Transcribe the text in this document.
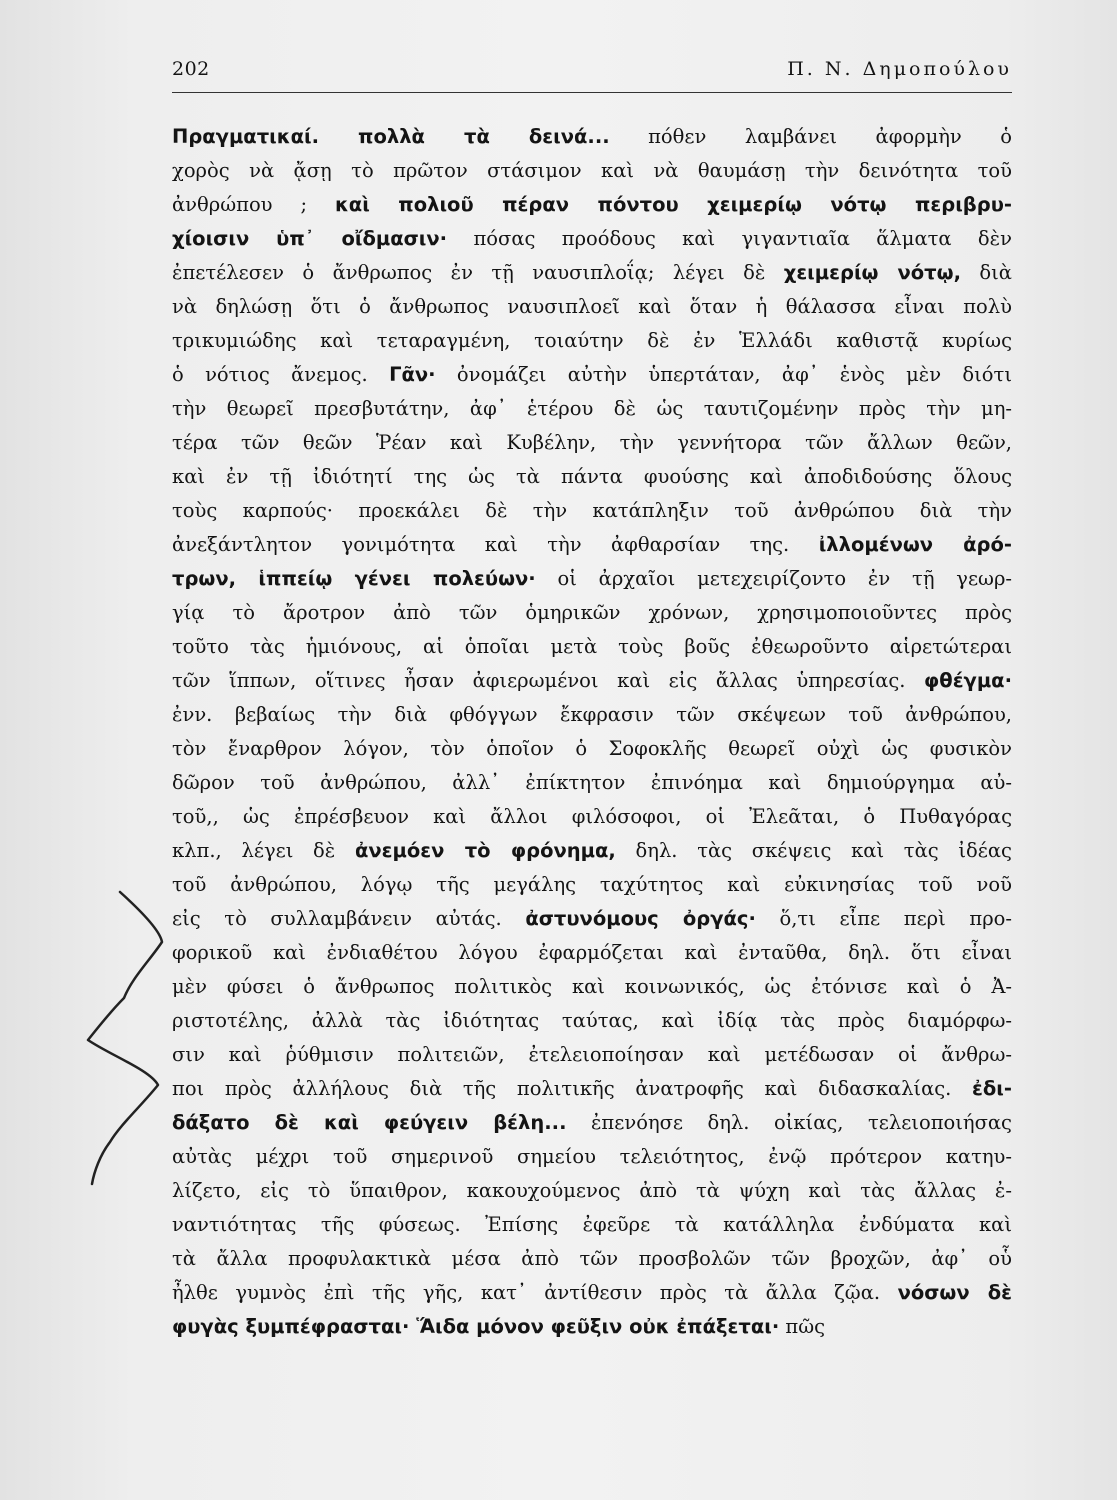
202	Π. Ν. Δημοπούλου
Πραγματικαί. πολλὰ τὰ δεινά... πόθεν λαμβάνει ἀφορμὴν ὁ
χορὸς νὰ ᾄσῃ τὸ πρῶτον στάσιμον καὶ νὰ θαυμάσῃ τὴν δεινότητα τοῦ
ἀνθρώπου ; καὶ πολιοῦ πέραν πόντου χειμερίῳ νότῳ περιβρυ-
χίοισιν ὑπ᾽ οἴδμασιν· πόσας προόδους καὶ γιγαντιαῖα ἅλματα δὲν
ἐπετέλεσεν ὁ ἄνθρωπος ἐν τῇ ναυσιπλοΐᾳ; λέγει δὲ χειμερίῳ νότῳ, διὰ
νὰ δηλώσῃ ὅτι ὁ ἄνθρωπος ναυσιπλοεῖ καὶ ὅταν ἡ θάλασσα εἶναι πολὺ
τρικυμιώδης καὶ τεταραγμένη, τοιαύτην δὲ ἐν Ἑλλάδι καθιστᾷ κυρίως
ὁ νότιος ἄνεμος. Γᾶν· ὀνομάζει αὐτὴν ὑπερτάταν, ἀφ᾽ ἑνὸς μὲν διότι
τὴν θεωρεῖ πρεσβυτάτην, ἀφ᾽ ἑτέρου δὲ ὡς ταυτιζομένην πρὸς τὴν μη-
τέρα τῶν θεῶν Ῥέαν καὶ Κυβέλην, τὴν γεννήτορα τῶν ἄλλων θεῶν,
καὶ ἐν τῇ ἰδιότητί της ὡς τὰ πάντα φυούσης καὶ ἀποδιδούσης ὅλους
τοὺς καρπούς· προεκάλει δὲ τὴν κατάπληξιν τοῦ ἀνθρώπου διὰ τὴν
ἀνεξάντλητον γονιμότητα καὶ τὴν ἀφθαρσίαν της. ἰλλομένων ἀρό-
τρων, ἱππείῳ γένει πολεύων· οἱ ἀρχαῖοι μετεχειρίζοντο ἐν τῇ γεωρ-
γίᾳ τὸ ἄροτρον ἀπὸ τῶν ὁμηρικῶν χρόνων, χρησιμοποιοῦντες πρὸς
τοῦτο τὰς ἡμιόνους, αἱ ὁποῖαι μετὰ τοὺς βοῦς ἐθεωροῦντο αἱρετώτεραι
τῶν ἵππων, οἵτινες ἦσαν ἀφιερωμένοι καὶ εἰς ἄλλας ὑπηρεσίας. φθέγμα·
ἐνν. βεβαίως τὴν διὰ φθόγγων ἔκφρασιν τῶν σκέψεων τοῦ ἀνθρώπου,
τὸν ἔναρθρον λόγον, τὸν ὁποῖον ὁ Σοφοκλῆς θεωρεῖ οὐχὶ ὡς φυσικὸν
δῶρον τοῦ ἀνθρώπου, ἀλλ᾽ ἐπίκτητον ἐπινόημα καὶ δημιούργημα αὐ-
τοῦ,, ὡς ἐπρέσβευον καὶ ἄλλοι φιλόσοφοι, οἱ Ἐλεᾶται, ὁ Πυθαγόρας
κλπ., λέγει δὲ ἀνεμόεν τὸ φρόνημα, δηλ. τὰς σκέψεις καὶ τὰς ἰδέας
τοῦ ἀνθρώπου, λόγῳ τῆς μεγάλης ταχύτητος καὶ εὐκινησίας τοῦ νοῦ
εἰς τὸ συλλαμβάνειν αὐτάς. ἀστυνόμους ὀργάς· ὅ,τι εἶπε περὶ προ-
φορικοῦ καὶ ἐνδιαθέτου λόγου ἐφαρμόζεται καὶ ἐνταῦθα, δηλ. ὅτι εἶναι
μὲν φύσει ὁ ἄνθρωπος πολιτικὸς καὶ κοινωνικός, ὡς ἐτόνισε καὶ ὁ Ἀ-
ριστοτέλης, ἀλλὰ τὰς ἰδιότητας ταύτας, καὶ ἰδίᾳ τὰς πρὸς διαμόρφω-
σιν καὶ ῥύθμισιν πολιτειῶν, ἐτελειοποίησαν καὶ μετέδωσαν οἱ ἄνθρω-
ποι πρὸς ἀλλήλους διὰ τῆς πολιτικῆς ἀνατροφῆς καὶ διδασκαλίας. ἐδι-
δάξατο δὲ καὶ φεύγειν βέλη... ἐπενόησε δηλ. οἰκίας, τελειοποιήσας
αὐτὰς μέχρι τοῦ σημερινοῦ σημείου τελειότητος, ἐνῷ πρότερον κατηυ-
λίζετο, εἰς τὸ ὕπαιθρον, κακουχούμενος ἀπὸ τὰ ψύχη καὶ τὰς ἄλλας ἐ-
ναντιότητας τῆς φύσεως. Ἐπίσης ἐφεῦρε τὰ κατάλληλα ἐνδύματα καὶ
τὰ ἄλλα προφυλακτικὰ μέσα ἀπὸ τῶν προσβολῶν τῶν βροχῶν, ἀφ᾽ οὗ
ἦλθε γυμνὸς ἐπὶ τῆς γῆς, κατ᾽ ἀντίθεσιν πρὸς τὰ ἄλλα ζῷα. νόσων δὲ
φυγὰς ξυμπέφρασται· Ἅιδα μόνον φεῦξιν οὐκ ἐπάξεται· πῶς
